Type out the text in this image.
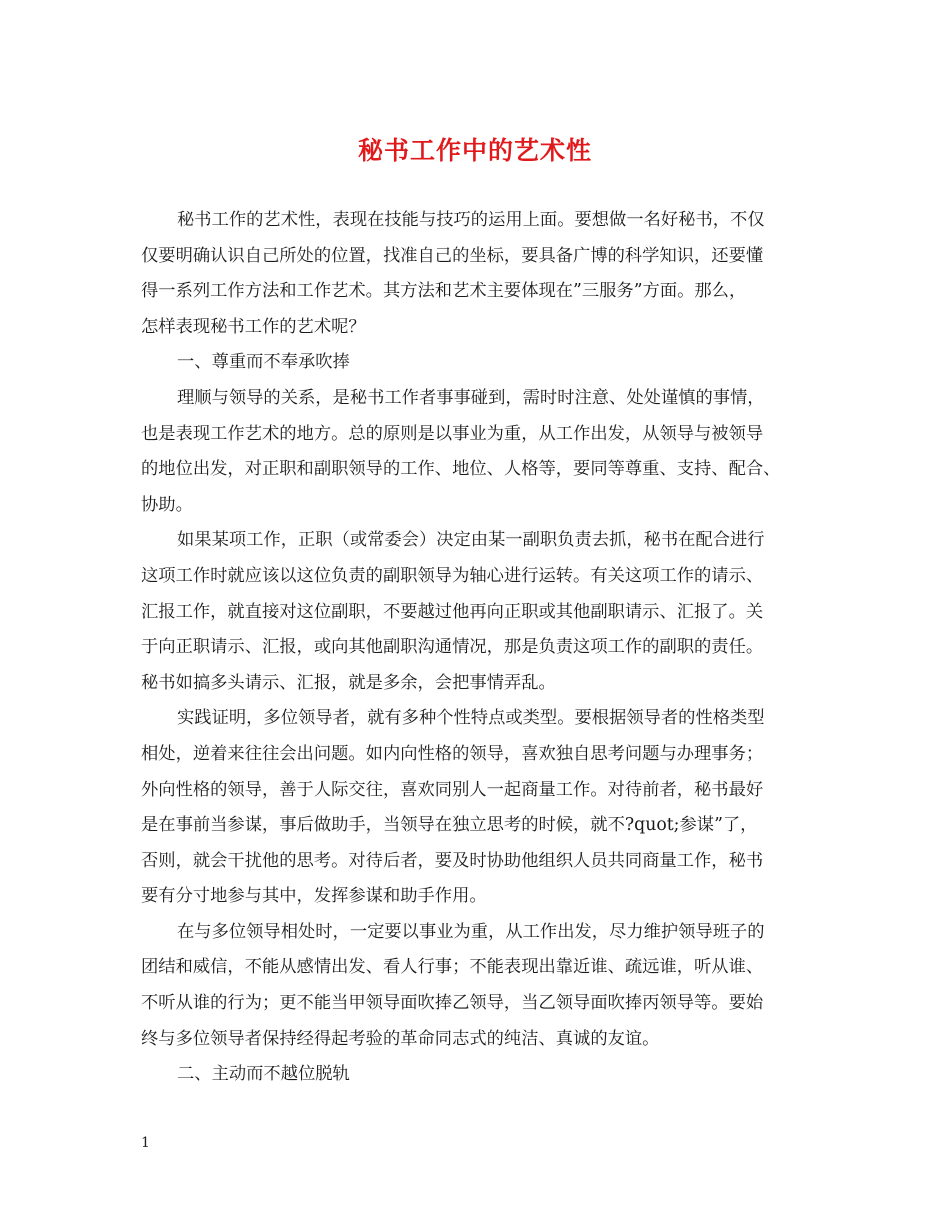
秘书工作中的艺术性
秘书工作的艺术性，表现在技能与技巧的运用上面。要想做一名好秘书，不仅
仅要明确认识自己所处的位置，找准自己的坐标，要具备广博的科学知识，还要懂
得一系列工作方法和工作艺术。其方法和艺术主要体现在”三服务”方面。那么，
怎样表现秘书工作的艺术呢？
一、尊重而不奉承吹捧
理顺与领导的关系，是秘书工作者事事碰到，需时时注意、处处谨慎的事情，
也是表现工作艺术的地方。总的原则是以事业为重，从工作出发，从领导与被领导
的地位出发，对正职和副职领导的工作、地位、人格等，要同等尊重、支持、配合、
协助。
如果某项工作，正职（或常委会）决定由某一副职负责去抓，秘书在配合进行
这项工作时就应该以这位负责的副职领导为轴心进行运转。有关这项工作的请示、
汇报工作，就直接对这位副职，不要越过他再向正职或其他副职请示、汇报了。关
于向正职请示、汇报，或向其他副职沟通情况，那是负责这项工作的副职的责任。
秘书如搞多头请示、汇报，就是多余，会把事情弄乱。
实践证明，多位领导者，就有多种个性特点或类型。要根据领导者的性格类型
相处，逆着来往往会出问题。如内向性格的领导，喜欢独自思考问题与办理事务；
外向性格的领导，善于人际交往，喜欢同别人一起商量工作。对待前者，秘书最好
是在事前当参谋，事后做助手，当领导在独立思考的时候，就不?quot;参谋”了，
否则，就会干扰他的思考。对待后者，要及时协助他组织人员共同商量工作，秘书
要有分寸地参与其中，发挥参谋和助手作用。
在与多位领导相处时，一定要以事业为重，从工作出发，尽力维护领导班子的
团结和威信，不能从感情出发、看人行事；不能表现出靠近谁、疏远谁，听从谁、
不听从谁的行为；更不能当甲领导面吹捧乙领导，当乙领导面吹捧丙领导等。要始
终与多位领导者保持经得起考验的革命同志式的纯洁、真诚的友谊。
二、主动而不越位脱轨
1
